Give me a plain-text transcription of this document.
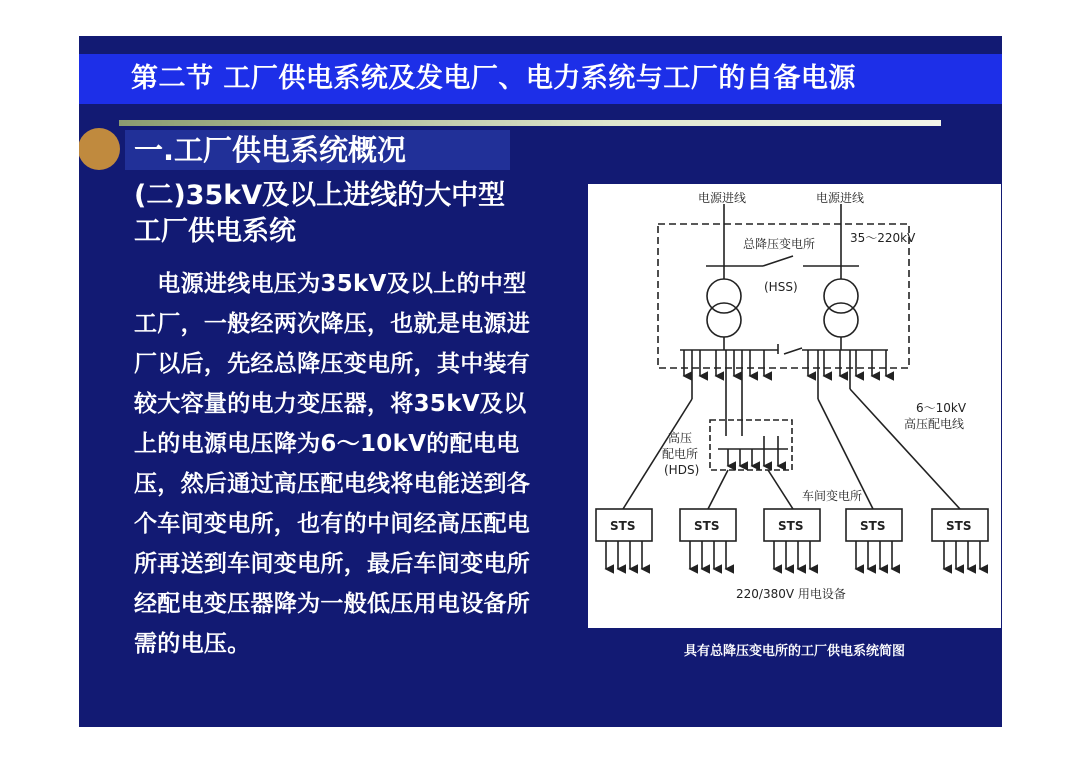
第二节 工厂供电系统及发电厂、电力系统与工厂的自备电源
一.工厂供电系统概况
(二)35kV及以上进线的大中型
工厂供电系统
　电源进线电压为35kV及以上的中型
工厂，一般经两次降压，也就是电源进
厂以后，先经总降压变电所，其中装有
较大容量的电力变压器，将35kV及以
上的电源电压降为6～10kV的配电电
压，然后通过高压配电线将电能送到各
个车间变电所，也有的中间经高压配电
所再送到车间变电所，最后车间变电所
经配电变压器降为一般低压用电设备所
需的电压。
电源进线	电源进线
35～220kV
总降压变电所
(HSS)
6～10kV
高压配电线
高压
配电所
(HDS)
车间变电所
STS	STS	STS	STS	STS
220/380V 用电设备
具有总降压变电所的工厂供电系统简图
